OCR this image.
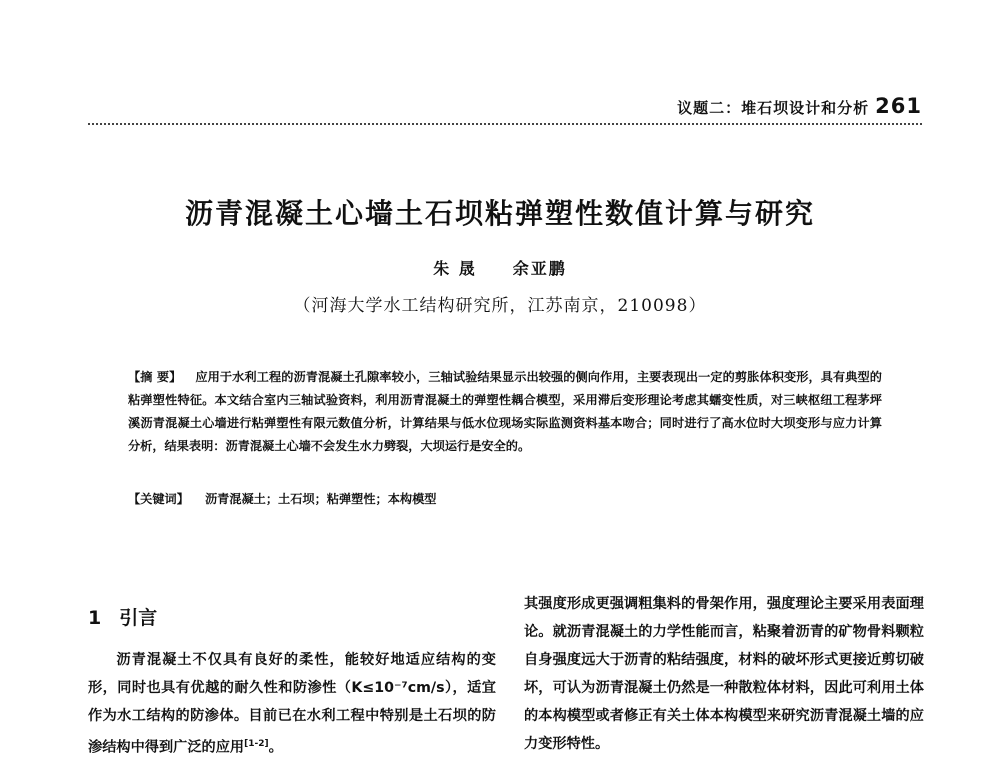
议题二：堆石坝设计和分析 261
沥青混凝土心墙土石坝粘弹塑性数值计算与研究
朱 晟 余亚鹏
（河海大学水工结构研究所，江苏南京，210098）
【摘 要】 应用于水利工程的沥青混凝土孔隙率较小，三轴试验结果显示出较强的侧向作用，主要表现出一定的剪胀体积变形，具有典型的粘弹塑性特征。本文结合室内三轴试验资料，利用沥青混凝土的弹塑性耦合模型，采用滞后变形理论考虑其蠕变性质，对三峡枢纽工程茅坪溪沥青混凝土心墙进行粘弹塑性有限元数值分析，计算结果与低水位现场实际监测资料基本吻合；同时进行了高水位时大坝变形与应力计算分析，结果表明：沥青混凝土心墙不会发生水力劈裂，大坝运行是安全的。
【关键词】 沥青混凝土；土石坝；粘弹塑性；本构模型
1 引言

沥青混凝土不仅具有良好的柔性，能较好地适应结构的变形，同时也具有优越的耐久性和防渗性（K≤10⁻⁷cm/s），适宜作为水工结构的防渗体。目前已在水利工程中特别是土石坝的防渗结构中得到广泛的应用[1-2]。

其强度形成更强调粗集料的骨架作用，强度理论主要采用表面理论。就沥青混凝土的力学性能而言，粘聚着沥青的矿物骨料颗粒自身强度远大于沥青的粘结强度，材料的破坏形式更接近剪切破坏，可认为沥青混凝土仍然是一种散粒体材料，因此可利用土体的本构模型或者修正有关土体本构模型来研究沥青混凝土墙的应力变形特性。
